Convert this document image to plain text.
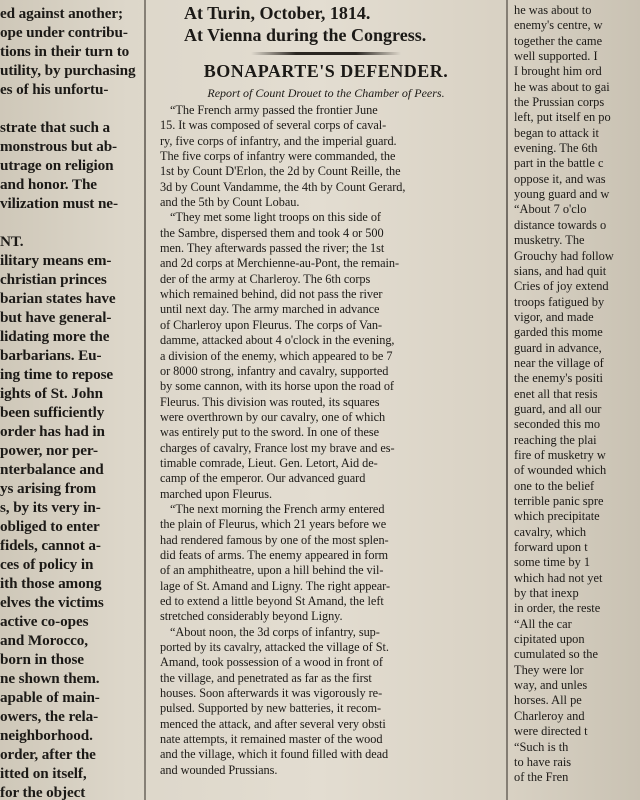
ed against another;
ope under contribu-
tions in their turn to
utility, by purchasing
es of his unfortu-
strate that such a
monstrous but ab-
utrage on religion
and honor. The
vilization must ne-
NT.
ilitary means em-
christian princes
barian states have
but have general-
lidating more the
barbarians. Eu-
ing time to repose
ights of St. John
been sufficiently
order has had in
power, nor per-
nterbalance and
ys arising from
s, by its very in-
obliged to enter
fidels, cannot a-
ces of policy in
ith those among
elves the victims
active co-opes
and Morocco,
born in those
ne shown them.
apable of main-
owers, the rela-
neighborhood.
order, after the
itted on itself,
for the object

At Turin, October, 1814.

At Vienna during the Congress.

BONAPARTE'S DEFENDER.

Report of Count Drouet to the Chamber of Peers.

“The French army passed the frontier June
15. It was composed of several corps of caval-
ry, five corps of infantry, and the imperial guard.
The five corps of infantry were commanded, the
1st by Count D'Erlon, the 2d by Count Reille, the
3d by Count Vandamme, the 4th by Count Gerard,
and the 5th by Count Lobau.
“They met some light troops on this side of
the Sambre, dispersed them and took 4 or 500
men. They afterwards passed the river; the 1st
and 2d corps at Merchienne-au-Pont, the remain-
der of the army at Charleroy. The 6th corps
which remained behind, did not pass the river
until next day. The army marched in advance
of Charleroy upon Fleurus. The corps of Van-
damme, attacked about 4 o'clock in the evening,
a division of the enemy, which appeared to be 7
or 8000 strong, infantry and cavalry, supported
by some cannon, with its horse upon the road of
Fleurus. This division was routed, its squares
were overthrown by our cavalry, one of which
was entirely put to the sword. In one of these
charges of cavalry, France lost my brave and es-
timable comrade, Lieut. Gen. Letort, Aid de-
camp of the emperor. Our advanced guard
marched upon Fleurus.
“The next morning the French army entered
the plain of Fleurus, which 21 years before we
had rendered famous by one of the most splen-
did feats of arms. The enemy appeared in form
of an amphitheatre, upon a hill behind the vil-
lage of St. Amand and Ligny. The right appear-
ed to extend a little beyond St Amand, the left
stretched considerably beyond Ligny.
“About noon, the 3d corps of infantry, sup-
ported by its cavalry, attacked the village of St.
Amand, took possession of a wood in front of
the village, and penetrated as far as the first
houses. Soon afterwards it was vigorously re-
pulsed. Supported by new batteries, it recom-
menced the attack, and after several very obsti
nate attempts, it remained master of the wood
and the village, which it found filled with dead
and wounded Prussians.
he was about to
enemy's centre, w
together the came
well supported. I
I brought him ord
he was about to gai
the Prussian corps
left, put itself en po
began to attack it
evening. The 6th
part in the battle c
oppose it, and was
young guard and w
“About 7 o'clo
distance towards o
musketry. The
Grouchy had follow
sians, and had quit
Cries of joy extend
troops fatigued by
vigor, and made
garded this mome
guard in advance,
near the village of
the enemy's positi
enet all that resis
guard, and all our
seconded this mo
reaching the plai
fire of musketry w
of wounded which
one to the belief
terrible panic spre
which precipitate
cavalry, which
forward upon t
some time by 1
which had not yet
by that inexp
in order, the reste
“All the car
cipitated upon
cumulated so the
They were lor
way, and unles
horses. All pe
Charleroy and
were directed t
“Such is th
to have rais
of the Fren
